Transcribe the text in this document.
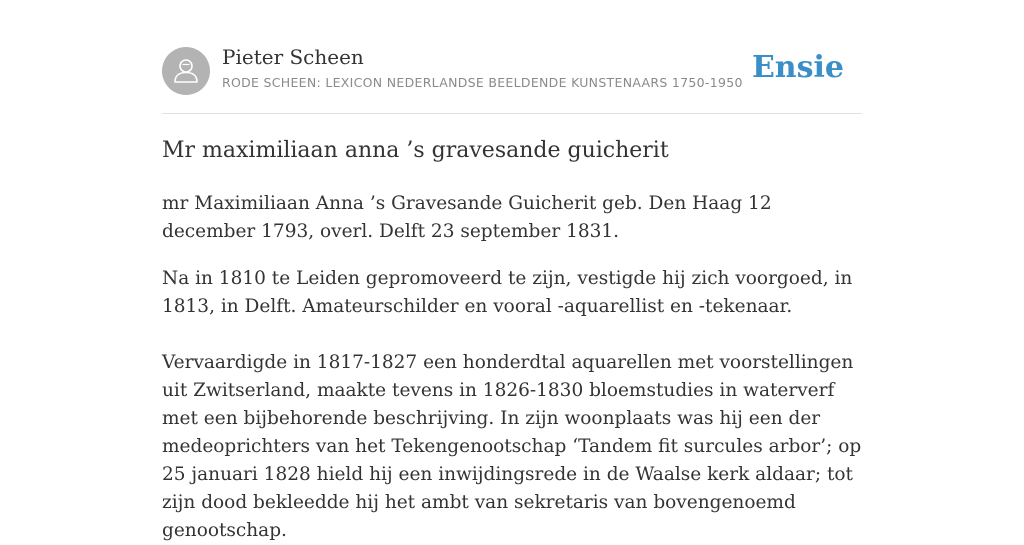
Pieter Scheen
RODE SCHEEN: LEXICON NEDERLANDSE BEELDENDE KUNSTENAARS 1750-1950 Ensie
Mr maximiliaan anna ’s gravesande guicherit

mr Maximiliaan Anna ’s Gravesande Guicherit geb. Den Haag 12 december 1793, overl. Delft 23 september 1831.

Na in 1810 te Leiden gepromoveerd te zijn, vestigde hij zich voorgoed, in 1813, in Delft. Amateurschilder en vooral -aquarellist en -tekenaar.

Vervaardigde in 1817-1827 een honderdtal aquarellen met voorstellingen uit Zwitserland, maakte tevens in 1826-1830 bloemstudies in waterverf met een bijbehorende beschrijving. In zijn woonplaats was hij een der medeoprichters van het Tekengenootschap ‘Tandem fit surcules arbor’; op 25 januari 1828 hield hij een inwijdingsrede in de Waalse kerk aldaar; tot zijn dood bekleedde hij het ambt van sekretaris van bovengenoemd genootschap.
